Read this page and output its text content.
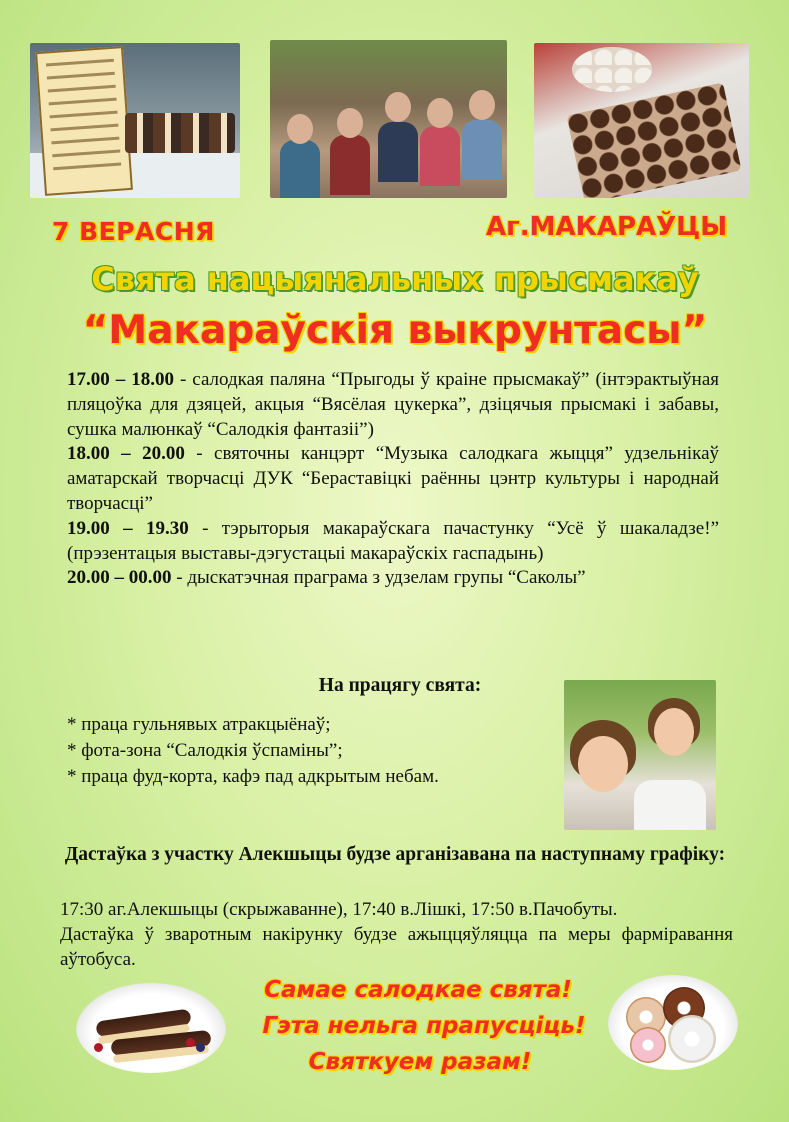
7 ВЕРАСНЯ	Аг.МАКАРАЎЦЫ
Свята нацыянальных прысмакаў
“Макараўскія выкрунтасы”

17.00 – 18.00 - салодкая паляна “Прыгоды ў краіне прысмакаў” (інтэрактыўная пляцоўка для дзяцей, акцыя “Вясёлая цукерка”, дзіцячыя прысмакі і забавы, сушка малюнкаў “Салодкія фантазіі”)

18.00 – 20.00 - святочны канцэрт “Музыка салодкага жыцця” удзельнікаў аматарскай творчасці ДУК “Бераставіцкі раённы цэнтр культуры і народнай творчасці”

19.00 – 19.30 - тэрыторыя макараўскага пачастунку “Усё ў шакаладзе!” (прэзентацыя выставы-дэгустацыі макараўскіх гаспадынь)

20.00 – 00.00 - дыскатэчная праграма з удзелам групы “Саколы”

На працягу свята:
* праца гульнявых атракцыёнаў;
* фота-зона “Салодкія ўспаміны”;
* праца фуд-корта, кафэ пад адкрытым небам.
Дастаўка з участку Алекшыцы будзе арганізавана па наступнаму графіку:

17:30 аг.Алекшыцы (скрыжаванне), 17:40 в.Лішкі, 17:50 в.Пачобуты.

Дастаўка ў зваротным накірунку будзе ажыццяўляцца па меры фарміравання аўтобуса.

Самае салодкае свята!
Гэта нельга прапусціць!
Святкуем разам!
